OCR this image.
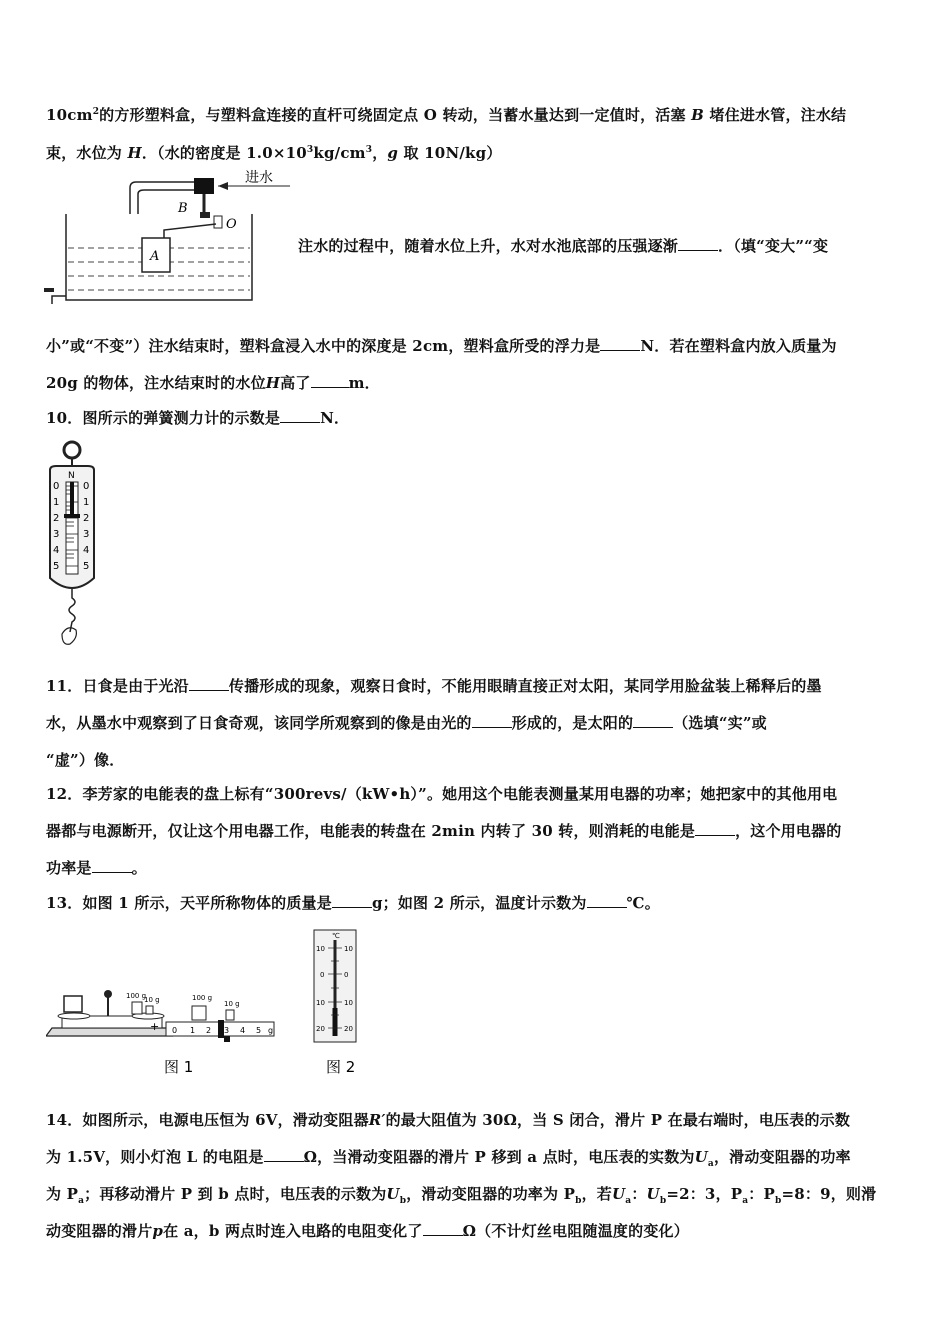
$10cm^2$的方形塑料盒，与塑料盒连接的直杆可绕固定点 O 转动，当蓄水量达到一定值时，活塞 B 堵住进水管，注水结
束，水位为 H．（水的密度是 $1.0\times 10^3kg/cm^3$，g 取 10N/kg）
进水
B
O
A
注水的过程中，随着水位上升，水对水池底部的压强逐渐	．（填“变大”“变
小”或“不变”）注水结束时，塑料盒浸入水中的深度是 2cm，塑料盒所受的浮力是	N．若在塑料盒内放入质量为
20g 的物体，注水结束时的水位H高了	m．
10．图所示的弹簧测力计的示数是	N．
N
0
1
2
3
4
5
0
1
2
3
4
5
11．日食是由于光沿	传播形成的现象，观察日食时，不能用眼睛直接正对太阳，某同学用脸盆装上稀释后的墨
水，从墨水中观察到了日食奇观，该同学所观察到的像是由光的	形成的，是太阳的	（选填“实”或
“虚”）像．
12．李芳家的电能表的盘上标有“300revs/（kW•h）”。她用这个电能表测量某用电器的功率；她把家中的其他用电
器都与电源断开，仅让这个用电器工作，电能表的转盘在 2min 内转了 30 转，则消耗的电能是	，这个用电器的
功率是	。
13．如图 1 所示，天平所称物体的质量是	g；如图 2 所示，温度计示数为	℃。
100 g
10 g
+
100 g
10 g
0 1 2 3 4 5 g
图 1
℃
10	10
0	0
10	10
20	20
图 2
14．如图所示，电源电压恒为 6V，滑动变阻器R′的最大阻值为 30Ω，当 S 闭合，滑片 P 在最右端时，电压表的示数
为 1.5V，则小灯泡 L 的电阻是	Ω，当滑动变阻器的滑片 P 移到 a 点时，电压表的实数为$U_a$，滑动变阻器的功率
为 $P_a$；再移动滑片 P 到 b 点时，电压表的示数为$U_b$，滑动变阻器的功率为 $P_b$，若$U_a$：$U_b=2$：3，$P_a$：$P_b=8$：9，则滑
动变阻器的滑片p在 a，b 两点时连入电路的电阻变化了	Ω（不计灯丝电阻随温度的变化）
